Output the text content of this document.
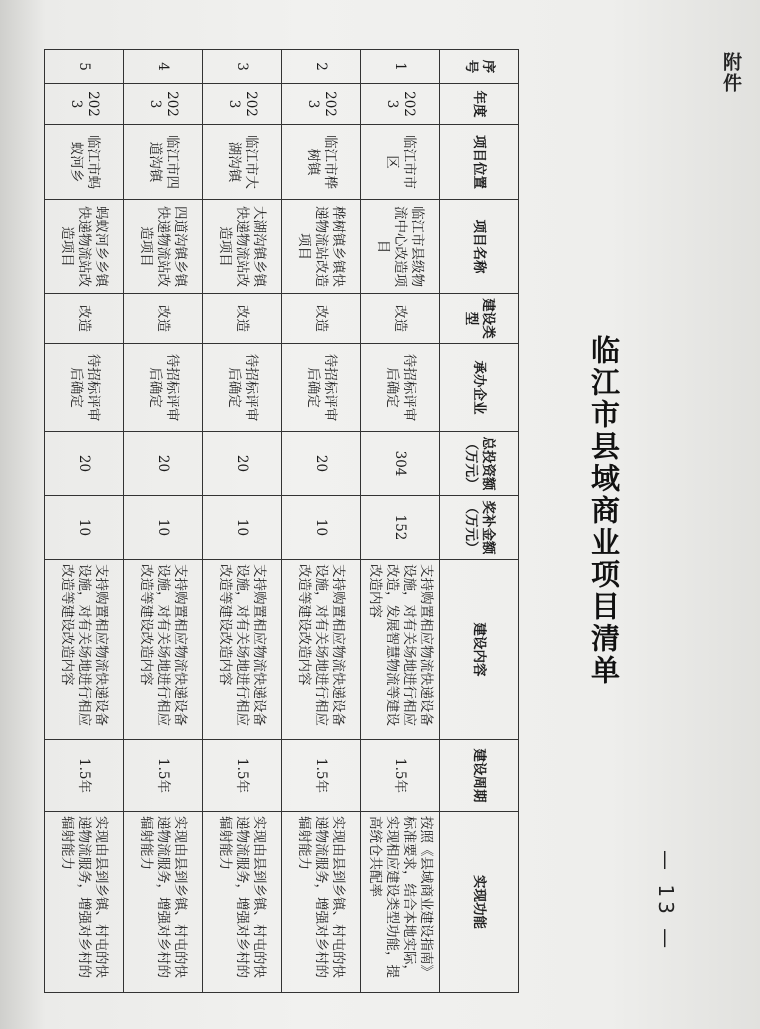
附件
临江市县域商业项目清单
序号	年度	项目位置	项目名称	建设类型	承办企业	总投资额（万元）	奖补金额（万元）	建设内容	建设周期	实现功能
1	2023	临江市市区	临江市县级物流中心改造项目	改造	待招标评审后确定	304	152	支持购置相应物流快递设备设施，对有关场地进行相应改造，发展智慧物流等建设改造内容	1.5年	按照《县域商业建设指南》标准要求，结合本地实际，实现相应建设类型功能，提高统仓共配率
2	2023	临江市桦树镇	桦树镇乡镇快递物流站改造项目	改造	待招标评审后确定	20	10	支持购置相应物流快递设备设施，对有关场地进行相应改造等建设改造内容	1.5年	实现由县到乡镇、村屯的快递物流服务，增强对乡村的辐射能力
3	2023	临江市大湖沟镇	大湖沟镇乡镇快递物流站改造项目	改造	待招标评审后确定	20	10	支持购置相应物流快递设备设施，对有关场地进行相应改造等建设改造内容	1.5年	实现由县到乡镇、村屯的快递物流服务，增强对乡村的辐射能力
4	2023	临江市四道沟镇	四道沟镇乡镇快递物流站改造项目	改造	待招标评审后确定	20	10	支持购置相应物流快递设备设施，对有关场地进行相应改造等建设改造内容	1.5年	实现由县到乡镇、村屯的快递物流服务，增强对乡村的辐射能力
5	2023	临江市蚂蚁河乡	蚂蚁河乡乡镇快递物流站改造项目	改造	待招标评审后确定	20	10	支持购置相应物流快递设备设施，对有关场地进行相应改造等建设改造内容	1.5年	实现由县到乡镇、村屯的快递物流服务，增强对乡村的辐射能力
— 13 —
